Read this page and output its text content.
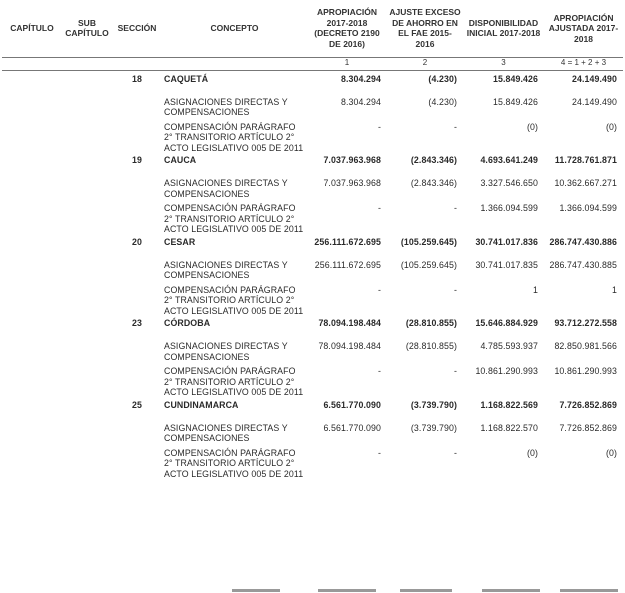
CAPÍTULO	SUB CAPÍTULO	SECCIÓN	CONCEPTO	APROPIACIÓN 2017-2018 (DECRETO 2190 DE 2016)	AJUSTE EXCESO DE AHORRO EN EL FAE 2015-2016	DISPONIBILIDAD INICIAL 2017-2018	APROPIACIÓN AJUSTADA 2017-2018
				1	2	3	4 = 1 + 2 + 3
		18	CAQUETÁ	8.304.294	(4.230)	15.849.426	24.149.490
			ASIGNACIONES DIRECTAS Y COMPENSACIONES	8.304.294	(4.230)	15.849.426	24.149.490
			COMPENSACIÓN PARÁGRAFO 2° TRANSITORIO ARTÍCULO 2° ACTO LEGISLATIVO 005 DE 2011	-	-	(0)	(0)
		19	CAUCA	7.037.963.968	(2.843.346)	4.693.641.249	11.728.761.871
			ASIGNACIONES DIRECTAS Y COMPENSACIONES	7.037.963.968	(2.843.346)	3.327.546.650	10.362.667.271
			COMPENSACIÓN PARÁGRAFO 2° TRANSITORIO ARTÍCULO 2° ACTO LEGISLATIVO 005 DE 2011	-	-	1.366.094.599	1.366.094.599
		20	CESAR	256.111.672.695	(105.259.645)	30.741.017.836	286.747.430.886
			ASIGNACIONES DIRECTAS Y COMPENSACIONES	256.111.672.695	(105.259.645)	30.741.017.835	286.747.430.885
			COMPENSACIÓN PARÁGRAFO 2° TRANSITORIO ARTÍCULO 2° ACTO LEGISLATIVO 005 DE 2011	-	-	1	1
		23	CÓRDOBA	78.094.198.484	(28.810.855)	15.646.884.929	93.712.272.558
			ASIGNACIONES DIRECTAS Y COMPENSACIONES	78.094.198.484	(28.810.855)	4.785.593.937	82.850.981.566
			COMPENSACIÓN PARÁGRAFO 2° TRANSITORIO ARTÍCULO 2° ACTO LEGISLATIVO 005 DE 2011	-	-	10.861.290.993	10.861.290.993
		25	CUNDINAMARCA	6.561.770.090	(3.739.790)	1.168.822.569	7.726.852.869
			ASIGNACIONES DIRECTAS Y COMPENSACIONES	6.561.770.090	(3.739.790)	1.168.822.570	7.726.852.869
			COMPENSACIÓN PARÁGRAFO 2° TRANSITORIO ARTÍCULO 2° ACTO LEGISLATIVO 005 DE 2011	-	-	(0)	(0)
